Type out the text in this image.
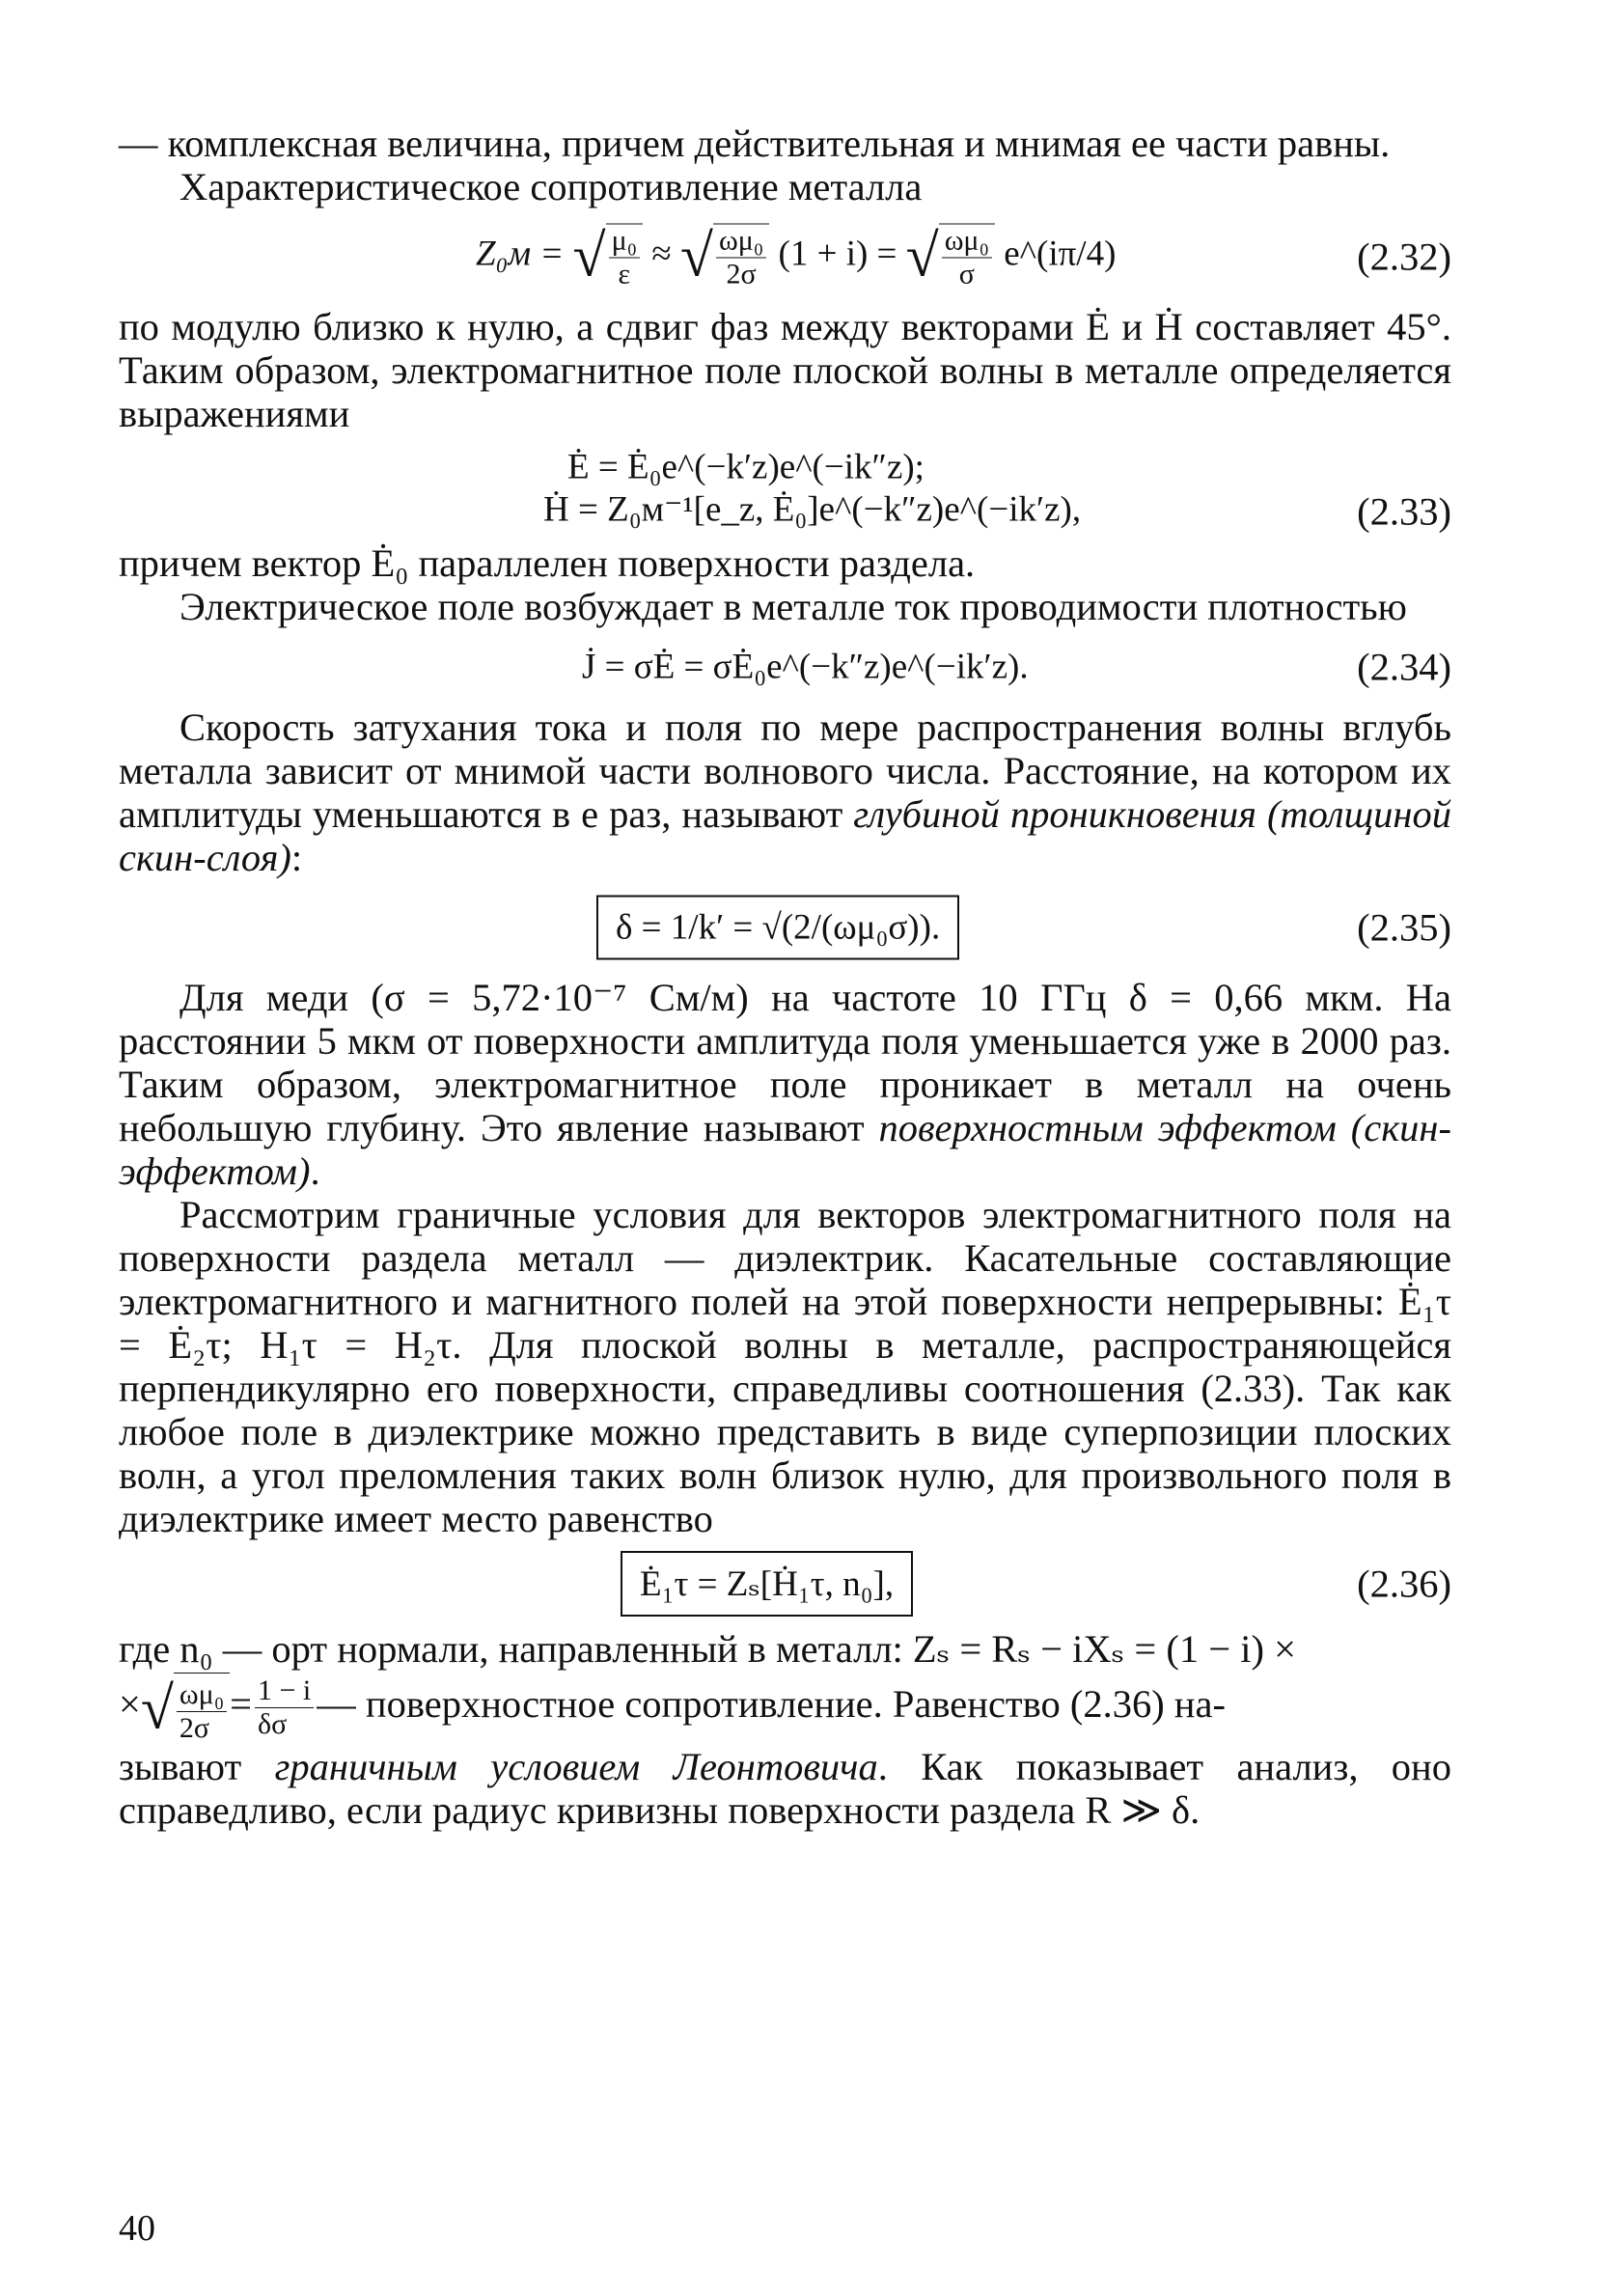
— комплексная величина, причем действительная и мнимая ее части равны.

Характеристическое сопротивление металла

Z₀м = √ $\frac{\text{μ₀}}{\varepsilon}$ ≈ √ $\frac{\text{ωμ₀}}{2\sigma} (1 + i)$ = √ $\frac{\text{ωμ₀}}{\sigma}$ e^(iπ/4)	(2.32)

по модулю близко к нулю, а сдвиг фаз между векторами Ė и Ḣ составляет 45°. Таким образом, электромагнитное поле плоской волны в металле определяется выражениями

Ė = Ė₀e^(−k′z)e^(−ik″z);
Ḣ = Z₀м⁻¹[e_z, Ė₀]e^(−k″z)e^(−ik′z),	(2.33)

причем вектор Ė₀ параллелен поверхности раздела.

Электрическое поле возбуждает в металле ток проводимости плотностью

J̇ = σĖ = σĖ₀e^(−k″z)e^(−ik′z).	(2.34)

Скорость затухания тока и поля по мере распространения волны вглубь металла зависит от мнимой части волнового числа. Расстояние, на котором их амплитуды уменьшаются в e раз, называют глубиной проникновения (толщиной скин-слоя):

δ = 1/k′ = √(2/(ωμ₀σ)).	(2.35)

Для меди (σ = 5,72·10⁻⁷ См/м) на частоте 10 ГГц δ = 0,66 мкм. На расстоянии 5 мкм от поверхности амплитуда поля уменьшается уже в 2000 раз. Таким образом, электромагнитное поле проникает в металл на очень небольшую глубину. Это явление называют поверхностным эффектом (скин-эффектом).

Рассмотрим граничные условия для векторов электромагнитного поля на поверхности раздела металл — диэлектрик. Касательные составляющие электромагнитного и магнитного полей на этой поверхности непрерывны: Ė₁τ = Ė₂τ; H₁τ = H₂τ. Для плоской волны в металле, распространяющейся перпендикулярно его поверхности, справедливы соотношения (2.33). Так как любое поле в диэлектрике можно представить в виде суперпозиции плоских волн, а угол преломления таких волн близок нулю, для произвольного поля в диэлектрике имеет место равенство

Ė₁τ = Zₛ[Ḣ₁τ, n₀],	(2.36)

где n₀ — орт нормали, направленный в металл: Zₛ = Rₛ − iXₛ = (1 − i) ×

×√ $\frac{\text{ωμ₀}}{2\sigma} = \frac{1 - i}{\delta\sigma}$ — поверхностное сопротивление. Равенство (2.36) на-

зывают граничным условием Леонтовича. Как показывает анализ, оно справедливо, если радиус кривизны поверхности раздела R ≫ δ.

40
